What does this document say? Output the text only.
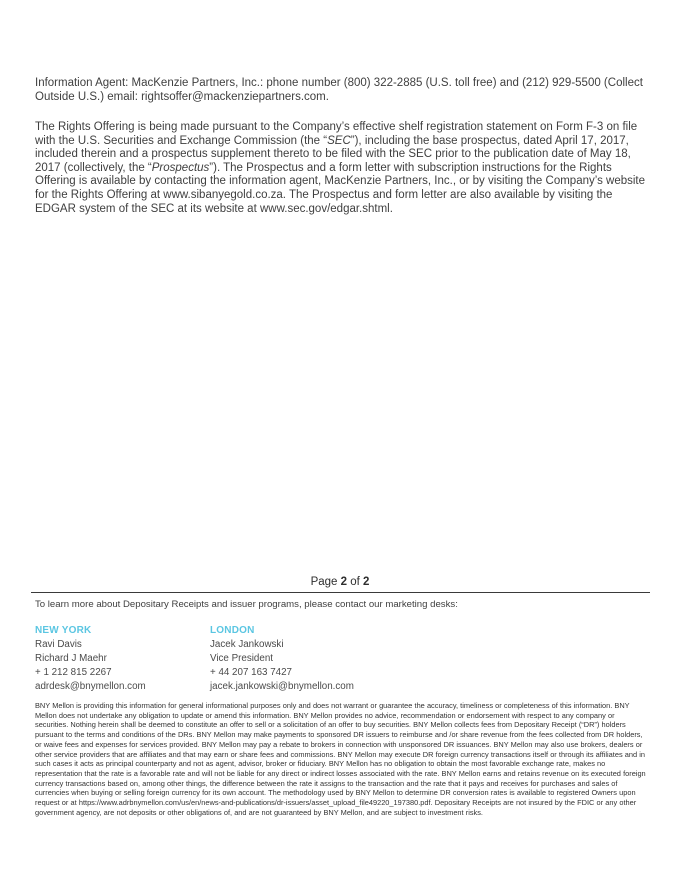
Information Agent: MacKenzie Partners, Inc.: phone number (800) 322-2885 (U.S. toll free) and (212) 929-5500 (Collect Outside U.S.) email: rightsoffer@mackenziepartners.com.

The Rights Offering is being made pursuant to the Company’s effective shelf registration statement on Form F-3 on file with the U.S. Securities and Exchange Commission (the “SEC”), including the base prospectus, dated April 17, 2017, included therein and a prospectus supplement thereto to be filed with the SEC prior to the publication date of May 18, 2017 (collectively, the “Prospectus”). The Prospectus and a form letter with subscription instructions for the Rights Offering is available by contacting the information agent, MacKenzie Partners, Inc., or by visiting the Company’s website for the Rights Offering at www.sibanyegold.co.za. The Prospectus and form letter are also available by visiting the EDGAR system of the SEC at its website at www.sec.gov/edgar.shtml.

Page 2 of 2

To learn more about Depositary Receipts and issuer programs, please contact our marketing desks:

NEW YORK
Ravi Davis
Richard J Maehr
+ 1 212 815 2267
adrdesk@bnymellon.com
LONDON
Jacek Jankowski
Vice President
+ 44 207 163 7427
jacek.jankowski@bnymellon.com

BNY Mellon is providing this information for general informational purposes only and does not warrant or guarantee the accuracy, timeliness or completeness of this information. BNY Mellon does not undertake any obligation to update or amend this information. BNY Mellon provides no advice, recommendation or endorsement with respect to any company or securities. Nothing herein shall be deemed to constitute an offer to sell or a solicitation of an offer to buy securities. BNY Mellon collects fees from Depositary Receipt (“DR”) holders pursuant to the terms and conditions of the DRs. BNY Mellon may make payments to sponsored DR issuers to reimburse and /or share revenue from the fees collected from DR holders, or waive fees and expenses for services provided. BNY Mellon may pay a rebate to brokers in connection with unsponsored DR issuances. BNY Mellon may also use brokers, dealers or other service providers that are affiliates and that may earn or share fees and commissions. BNY Mellon may execute DR foreign currency transactions itself or through its affiliates and in such cases it acts as principal counterparty and not as agent, advisor, broker or fiduciary. BNY Mellon has no obligation to obtain the most favorable exchange rate, makes no representation that the rate is a favorable rate and will not be liable for any direct or indirect losses associated with the rate. BNY Mellon earns and retains revenue on its executed foreign currency transactions based on, among other things, the difference between the rate it assigns to the transaction and the rate that it pays and receives for purchases and sales of currencies when buying or selling foreign currency for its own account. The methodology used by BNY Mellon to determine DR conversion rates is available to registered Owners upon request or at https://www.adrbnymellon.com/us/en/news-and-publications/dr-issuers/asset_upload_file49220_197380.pdf. Depositary Receipts are not insured by the FDIC or any other government agency, are not deposits or other obligations of, and are not guaranteed by BNY Mellon, and are subject to investment risks.
